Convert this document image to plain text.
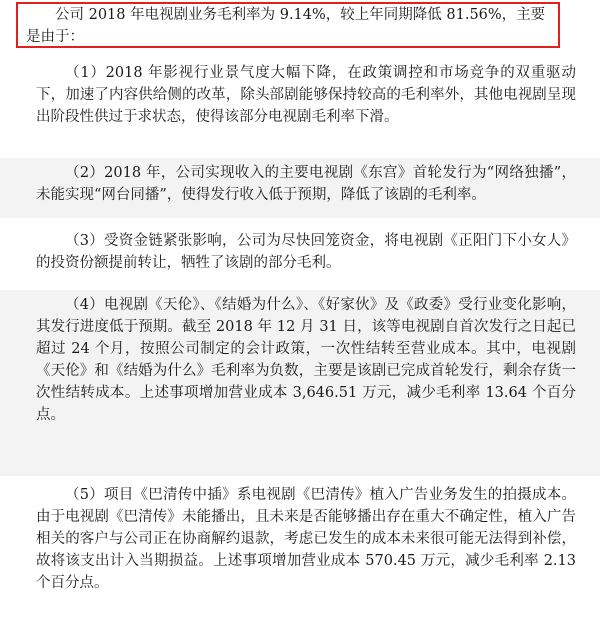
公司 2018 年电视剧业务毛利率为 9.14%，较上年同期降低 81.56%，主要是由于：

（1）2018 年影视行业景气度大幅下降，在政策调控和市场竞争的双重驱动下，加速了内容供给侧的改革，除头部剧能够保持较高的毛利率外，其他电视剧呈现出阶段性供过于求状态，使得该部分电视剧毛利率下滑。

（2）2018 年，公司实现收入的主要电视剧《东宫》首轮发行为“网络独播”，未能实现“网台同播”，使得发行收入低于预期，降低了该剧的毛利率。

（3）受资金链紧张影响，公司为尽快回笼资金，将电视剧《正阳门下小女人》的投资份额提前转让，牺牲了该剧的部分毛利。

（4）电视剧《天伦》、《结婚为什么》、《好家伙》及《政委》受行业变化影响，其发行进度低于预期。截至 2018 年 12 月 31 日，该等电视剧自首次发行之日起已超过 24 个月，按照公司制定的会计政策，一次性结转至营业成本。其中，电视剧《天伦》和《结婚为什么》毛利率为负数，主要是该剧已完成首轮发行，剩余存货一次性结转成本。上述事项增加营业成本 3,646.51 万元，减少毛利率 13.64 个百分点。

（5）项目《巴清传中插》系电视剧《巴清传》植入广告业务发生的拍摄成本。由于电视剧《巴清传》未能播出，且未来是否能够播出存在重大不确定性，植入广告相关的客户与公司正在协商解约退款，考虑已发生的成本未来很可能无法得到补偿，故将该支出计入当期损益。上述事项增加营业成本 570.45 万元，减少毛利率 2.13 个百分点。
